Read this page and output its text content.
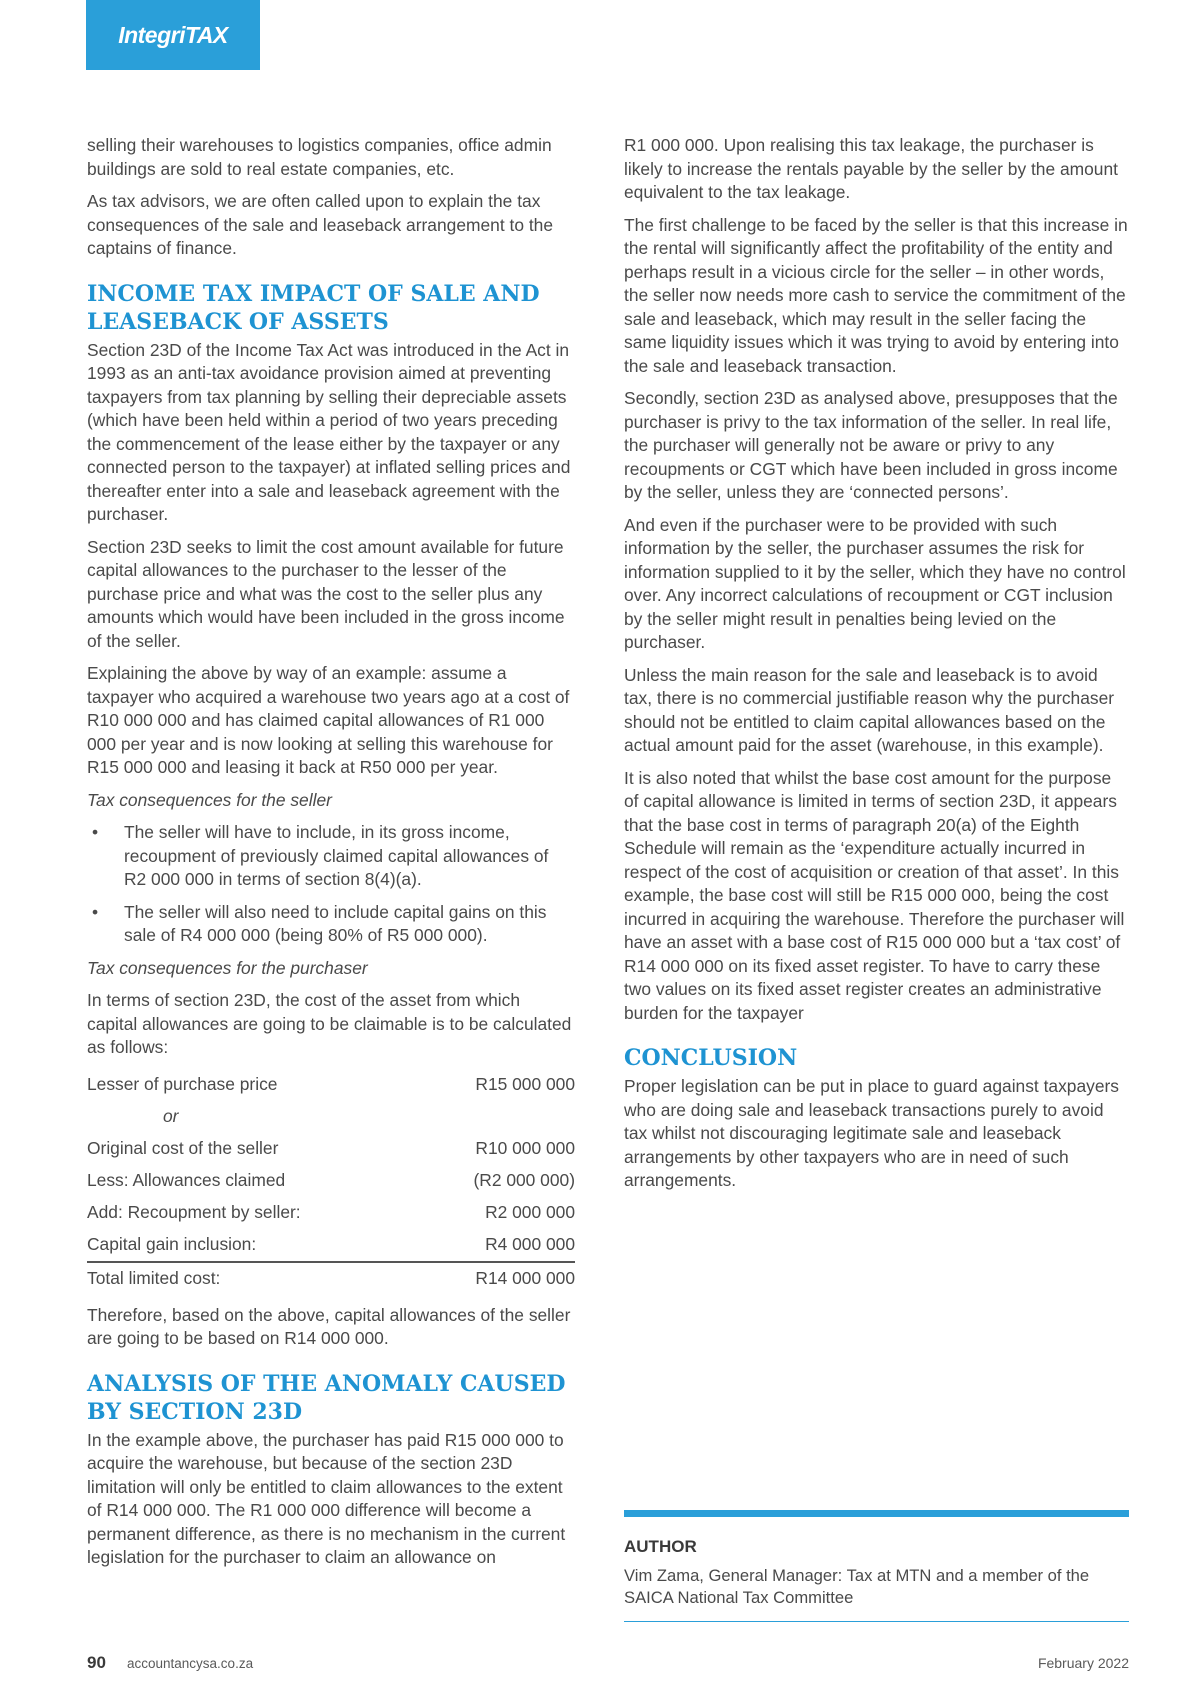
IntegriTAX

selling their warehouses to logistics companies, office admin buildings are sold to real estate companies, etc.

As tax advisors, we are often called upon to explain the tax consequences of the sale and leaseback arrangement to the captains of finance.

INCOME TAX IMPACT OF SALE AND
LEASEBACK OF ASSETS

Section 23D of the Income Tax Act was introduced in the Act in 1993 as an anti-tax avoidance provision aimed at preventing taxpayers from tax planning by selling their depreciable assets (which have been held within a period of two years preceding the commencement of the lease either by the taxpayer or any connected person to the taxpayer) at inflated selling prices and thereafter enter into a sale and leaseback agreement with the purchaser.

Section 23D seeks to limit the cost amount available for future capital allowances to the purchaser to the lesser of the purchase price and what was the cost to the seller plus any amounts which would have been included in the gross income of the seller.

Explaining the above by way of an example: assume a taxpayer who acquired a warehouse two years ago at a cost of R10 000 000 and has claimed capital allowances of R1 000 000 per year and is now looking at selling this warehouse for R15 000 000 and leasing it back at R50 000 per year.

Tax consequences for the seller

• The seller will have to include, in its gross income, recoupment of previously claimed capital allowances of R2 000 000 in terms of section 8(4)(a).
• The seller will also need to include capital gains on this sale of R4 000 000 (being 80% of R5 000 000).

Tax consequences for the purchaser

In terms of section 23D, the cost of the asset from which capital allowances are going to be claimable is to be calculated as follows:

Lesser of purchase price	R15 000 000
or
Original cost of the seller	R10 000 000
Less: Allowances claimed	(R2 000 000)
Add: Recoupment by seller:	R2 000 000
Capital gain inclusion:	R4 000 000
Total limited cost:	R14 000 000

Therefore, based on the above, capital allowances of the seller are going to be based on R14 000 000.

ANALYSIS OF THE ANOMALY CAUSED
BY SECTION 23D

In the example above, the purchaser has paid R15 000 000 to acquire the warehouse, but because of the section 23D limitation will only be entitled to claim allowances to the extent of R14 000 000. The R1 000 000 difference will become a permanent difference, as there is no mechanism in the current legislation for the purchaser to claim an allowance on

R1 000 000. Upon realising this tax leakage, the purchaser is likely to increase the rentals payable by the seller by the amount equivalent to the tax leakage.

The first challenge to be faced by the seller is that this increase in the rental will significantly affect the profitability of the entity and perhaps result in a vicious circle for the seller – in other words, the seller now needs more cash to service the commitment of the sale and leaseback, which may result in the seller facing the same liquidity issues which it was trying to avoid by entering into the sale and leaseback transaction.

Secondly, section 23D as analysed above, presupposes that the purchaser is privy to the tax information of the seller. In real life, the purchaser will generally not be aware or privy to any recoupments or CGT which have been included in gross income by the seller, unless they are ‘connected persons’.

And even if the purchaser were to be provided with such information by the seller, the purchaser assumes the risk for information supplied to it by the seller, which they have no control over. Any incorrect calculations of recoupment or CGT inclusion by the seller might result in penalties being levied on the purchaser.

Unless the main reason for the sale and leaseback is to avoid tax, there is no commercial justifiable reason why the purchaser should not be entitled to claim capital allowances based on the actual amount paid for the asset (warehouse, in this example).

It is also noted that whilst the base cost amount for the purpose of capital allowance is limited in terms of section 23D, it appears that the base cost in terms of paragraph 20(a) of the Eighth Schedule will remain as the ‘expenditure actually incurred in respect of the cost of acquisition or creation of that asset’. In this example, the base cost will still be R15 000 000, being the cost incurred in acquiring the warehouse. Therefore the purchaser will have an asset with a base cost of R15 000 000 but a ‘tax cost’ of R14 000 000 on its fixed asset register. To have to carry these two values on its fixed asset register creates an administrative burden for the taxpayer

CONCLUSION

Proper legislation can be put in place to guard against taxpayers who are doing sale and leaseback transactions purely to avoid tax whilst not discouraging legitimate sale and leaseback arrangements by other taxpayers who are in need of such arrangements.

AUTHOR
Vim Zama, General Manager: Tax at MTN and a member of the SAICA National Tax Committee
90 accountancysa.co.za	February 2022
